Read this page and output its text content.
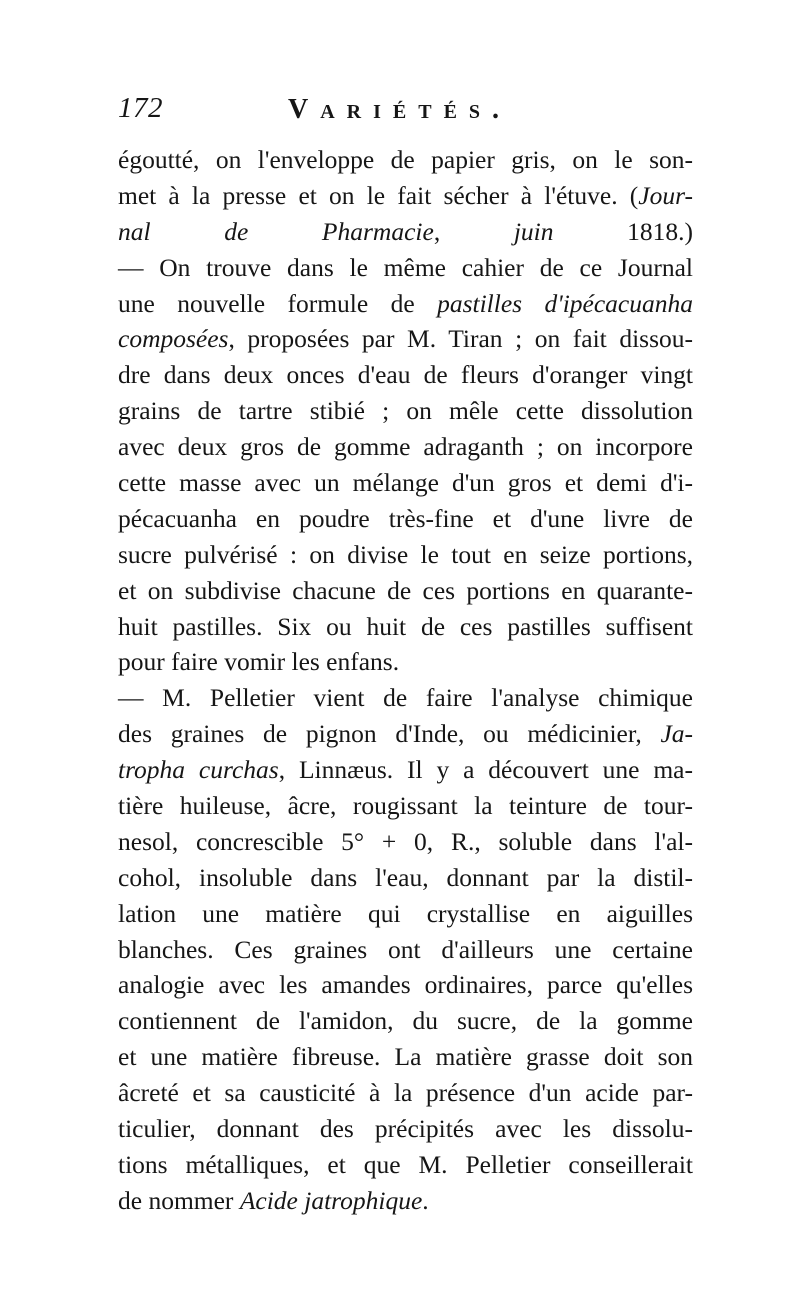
172	Variétés.
égoutté, on l'enveloppe de papier gris, on le son-
met à la presse et on le fait sécher à l'étuve. (Jour-
nal de Pharmacie, juin 1818.)
— On trouve dans le même cahier de ce Journal
une nouvelle formule de pastilles d'ipécacuanha
composées, proposées par M. Tiran ; on fait dissou-
dre dans deux onces d'eau de fleurs d'oranger vingt
grains de tartre stibié ; on mêle cette dissolution
avec deux gros de gomme adraganth ; on incorpore
cette masse avec un mélange d'un gros et demi d'i-
pécacuanha en poudre très-fine et d'une livre de
sucre pulvérisé : on divise le tout en seize portions,
et on subdivise chacune de ces portions en quarante-
huit pastilles. Six ou huit de ces pastilles suffisent
pour faire vomir les enfans.
— M. Pelletier vient de faire l'analyse chimique
des graines de pignon d'Inde, ou médicinier, Ja-
tropha curchas, Linnæus. Il y a découvert une ma-
tière huileuse, âcre, rougissant la teinture de tour-
nesol, concrescible 5° + 0, R., soluble dans l'al-
cohol, insoluble dans l'eau, donnant par la distil-
lation une matière qui crystallise en aiguilles
blanches. Ces graines ont d'ailleurs une certaine
analogie avec les amandes ordinaires, parce qu'elles
contiennent de l'amidon, du sucre, de la gomme
et une matière fibreuse. La matière grasse doit son
âcreté et sa causticité à la présence d'un acide par-
ticulier, donnant des précipités avec les dissolu-
tions métalliques, et que M. Pelletier conseillerait
de nommer Acide jatrophique.
